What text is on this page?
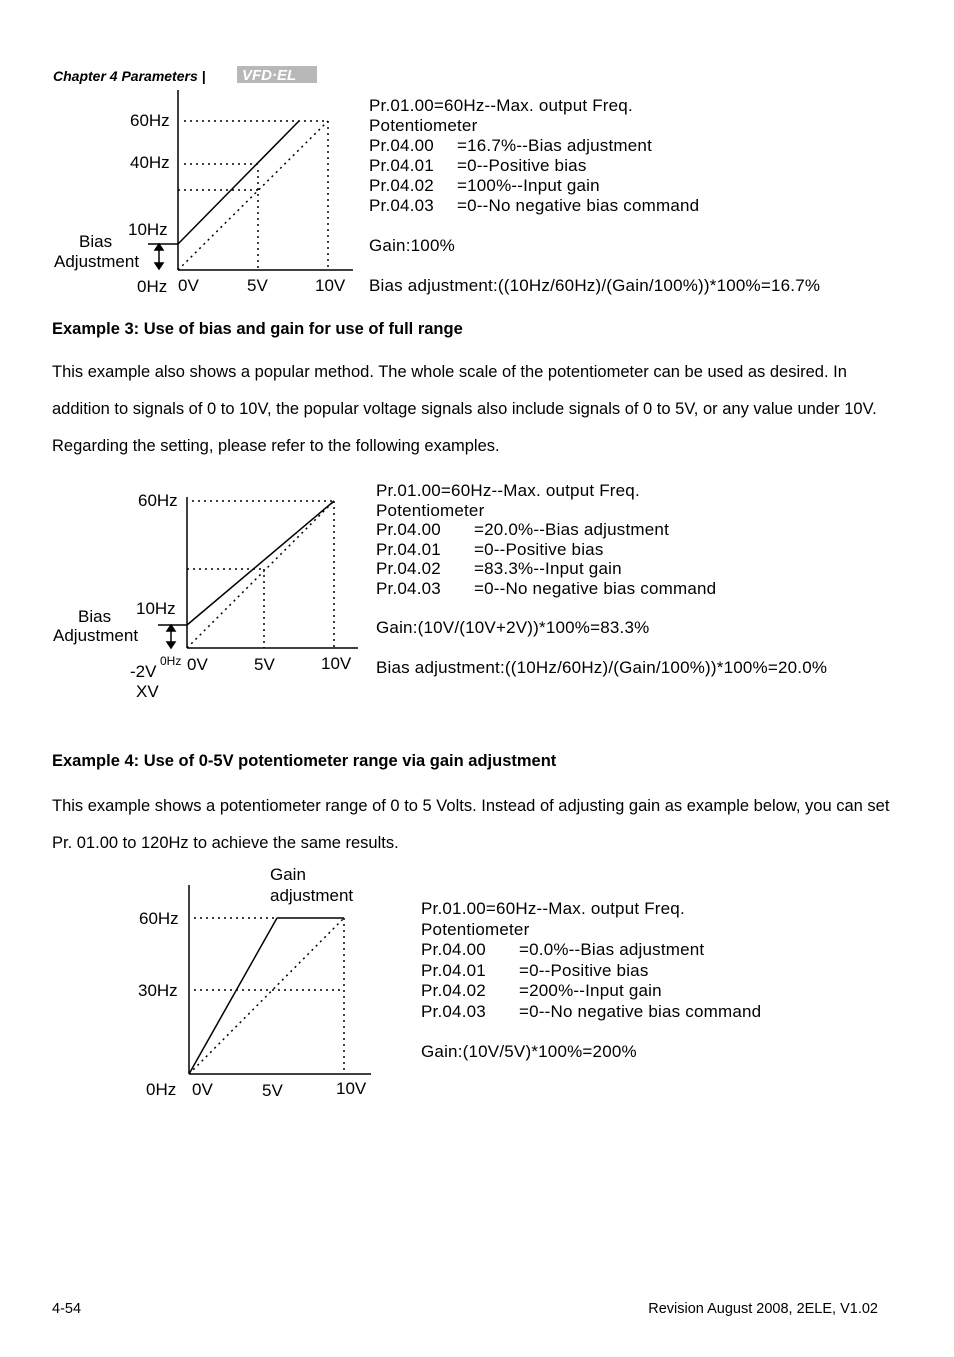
Chapter 4 Parameters | VFD·EL
60Hz
40Hz
10Hz
Bias
Adjustment
0Hz 0V	5V	10V
Pr.01.00=60Hz--Max. output Freq.
Potentiometer
Pr.04.00 =16.7%--Bias adjustment
Pr.04.01 =0--Positive bias
Pr.04.02 =100%--Input gain
Pr.04.03 =0--No negative bias command
Gain:100%
Bias adjustment:((10Hz/60Hz)/(Gain/100%))*100%=16.7%
Example 3: Use of bias and gain for use of full range
This example also shows a popular method. The whole scale of the potentiometer can be used as desired. In addition to signals of 0 to 10V, the popular voltage signals also include signals of 0 to 5V, or any value under 10V. Regarding the setting, please refer to the following examples.
60Hz
10Hz
Bias
Adjustment
-2V
0Hz 0V	5V	10V
XV
Pr.01.00=60Hz--Max. output Freq.
Potentiometer
Pr.04.00 =20.0%--Bias adjustment
Pr.04.01 =0--Positive bias
Pr.04.02 =83.3%--Input gain
Pr.04.03 =0--No negative bias command
Gain:(10V/(10V+2V))*100%=83.3%
Bias adjustment:((10Hz/60Hz)/(Gain/100%))*100%=20.0%
Example 4: Use of 0-5V potentiometer range via gain adjustment
This example shows a potentiometer range of 0 to 5 Volts. Instead of adjusting gain as example below, you can set Pr. 01.00 to 120Hz to achieve the same results.
Gain
adjustment
60Hz
30Hz
0Hz 0V	5V	10V
Pr.01.00=60Hz--Max. output Freq.
Potentiometer
Pr.04.00 =0.0%--Bias adjustment
Pr.04.01 =0--Positive bias
Pr.04.02 =200%--Input gain
Pr.04.03 =0--No negative bias command
Gain:(10V/5V)*100%=200%
4-54	Revision August 2008, 2ELE, V1.02
